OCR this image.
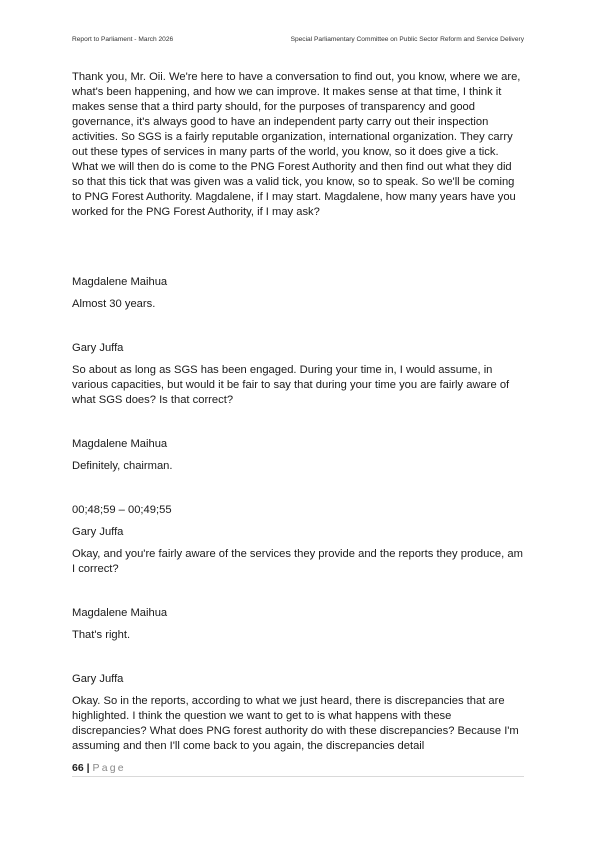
Report to Parliament - March 2026	Special Parliamentary Committee on Public Sector Reform and Service Delivery

Thank you, Mr. Oii. We're here to have a conversation to find out, you know, where we are, what's been happening, and how we can improve. It makes sense at that time, I think it makes sense that a third party should, for the purposes of transparency and good governance, it's always good to have an independent party carry out their inspection activities. So SGS is a fairly reputable organization, international organization. They carry out these types of services in many parts of the world, you know, so it does give a tick. What we will then do is come to the PNG Forest Authority and then find out what they did so that this tick that was given was a valid tick, you know, so to speak. So we'll be coming to PNG Forest Authority. Magdalene, if I may start. Magdalene, how many years have you worked for the PNG Forest Authority, if I may ask?

Magdalene Maihua
Almost 30 years.
Gary Juffa

So about as long as SGS has been engaged. During your time in, I would assume, in various capacities, but would it be fair to say that during your time you are fairly aware of what SGS does? Is that correct?

Magdalene Maihua
Definitely, chairman.
00;48;59 – 00;49;55
Gary Juffa

Okay, and you're fairly aware of the services they provide and the reports they produce, am I correct?

Magdalene Maihua
That's right.
Gary Juffa

Okay. So in the reports, according to what we just heard, there is discrepancies that are highlighted. I think the question we want to get to is what happens with these discrepancies? What does PNG forest authority do with these discrepancies? Because I'm assuming and then I'll come back to you again, the discrepancies detail

66 | Page
